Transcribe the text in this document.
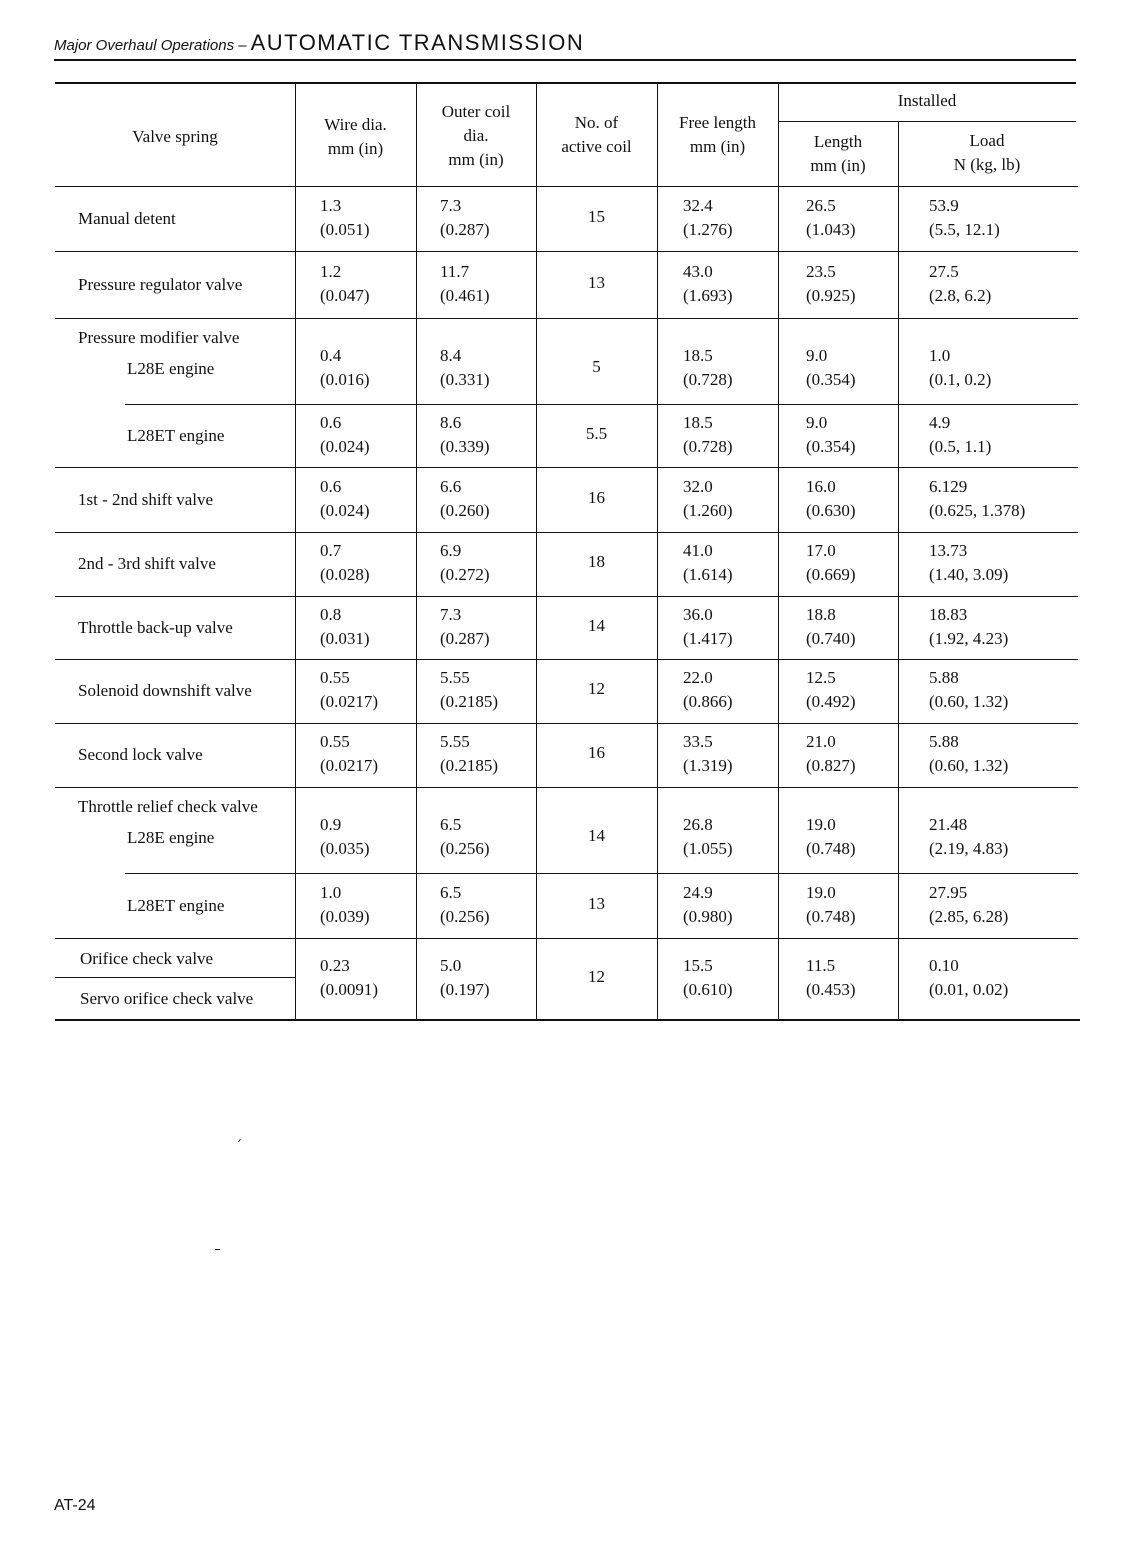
Major Overhaul Operations – AUTOMATIC TRANSMISSION
Valve spring
Wire dia.
mm (in)
Outer coil
dia.
mm (in)
No. of
active coil
Free length
mm (in)
Installed
Length
mm (in)
Load
N (kg, lb)
Manual detent
1.3
(0.051)
7.3
(0.287)
15
32.4
(1.276)
26.5
(1.043)
53.9
(5.5, 12.1)
Pressure regulator valve
1.2
(0.047)
11.7
(0.461)
13
43.0
(1.693)
23.5
(0.925)
27.5
(2.8, 6.2)
Pressure modifier valve
L28E engine
0.4
(0.016)
8.4
(0.331)
5
18.5
(0.728)
9.0
(0.354)
1.0
(0.1, 0.2)
L28ET engine
0.6
(0.024)
8.6
(0.339)
5.5
18.5
(0.728)
9.0
(0.354)
4.9
(0.5, 1.1)
1st - 2nd shift valve
0.6
(0.024)
6.6
(0.260)
16
32.0
(1.260)
16.0
(0.630)
6.129
(0.625, 1.378)
2nd - 3rd shift valve
0.7
(0.028)
6.9
(0.272)
18
41.0
(1.614)
17.0
(0.669)
13.73
(1.40, 3.09)
Throttle back-up valve
0.8
(0.031)
7.3
(0.287)
14
36.0
(1.417)
18.8
(0.740)
18.83
(1.92, 4.23)
Solenoid downshift valve
0.55
(0.0217)
5.55
(0.2185)
12
22.0
(0.866)
12.5
(0.492)
5.88
(0.60, 1.32)
Second lock valve
0.55
(0.0217)
5.55
(0.2185)
16
33.5
(1.319)
21.0
(0.827)
5.88
(0.60, 1.32)
Throttle relief check valve
L28E engine
0.9
(0.035)
6.5
(0.256)
14
26.8
(1.055)
19.0
(0.748)
21.48
(2.19, 4.83)
L28ET engine
1.0
(0.039)
6.5
(0.256)
13
24.9
(0.980)
19.0
(0.748)
27.95
(2.85, 6.28)
Orifice check valve
Servo orifice check valve
0.23
(0.0091)
5.0
(0.197)
12
15.5
(0.610)
11.5
(0.453)
0.10
(0.01, 0.02)
AT-24
